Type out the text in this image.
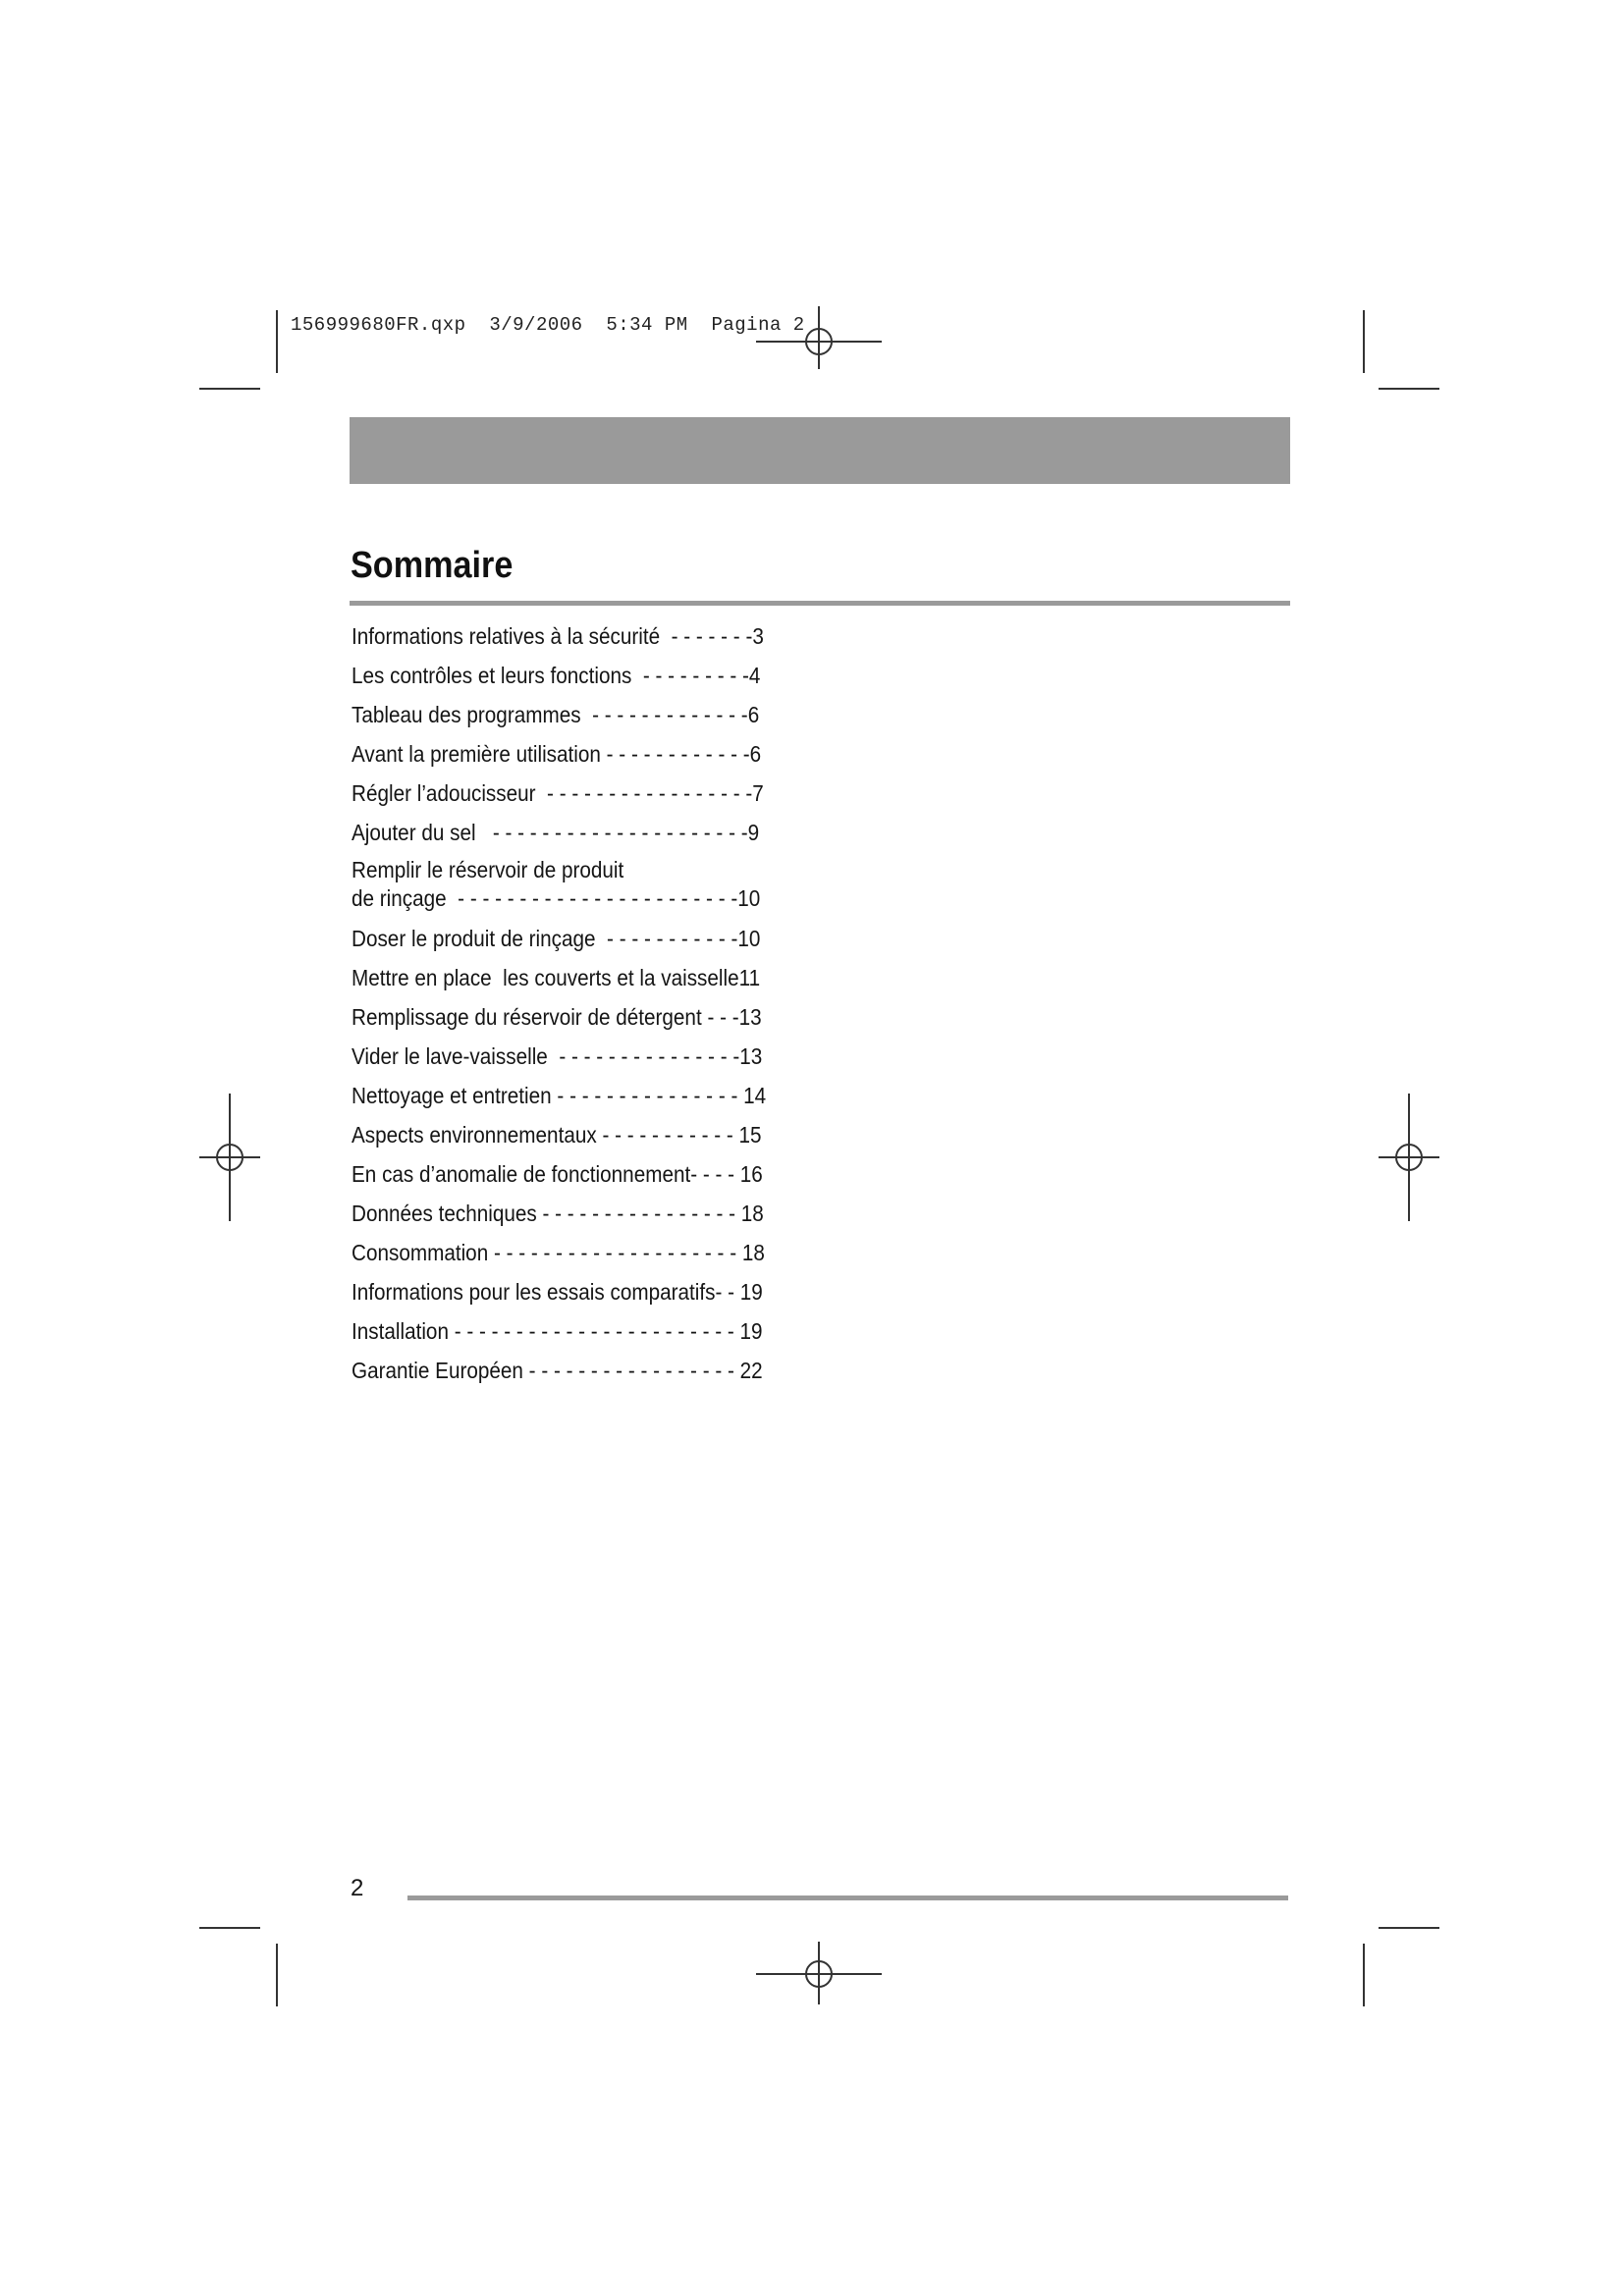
156999680FR.qxp  3/9/2006  5:34 PM  Pagina 2
Sommaire
Informations relatives à la sécurité  - - - - - - -3
Les contrôles et leurs fonctions  - - - - - - - - -4
Tableau des programmes  - - - - - - - - - - - - -6
Avant la première utilisation - - - - - - - - - - - -6
Régler l’adoucisseur  - - - - - - - - - - - - - - - - -7
Ajouter du sel   - - - - - - - - - - - - - - - - - - - - -9
Remplir le réservoir de produit
de rinçage  - - - - - - - - - - - - - - - - - - - - - - -10
Doser le produit de rinçage  - - - - - - - - - - -10
Mettre en place  les couverts et la vaisselle11
Remplissage du réservoir de détergent - - -13
Vider le lave-vaisselle  - - - - - - - - - - - - - - -13
Nettoyage et entretien - - - - - - - - - - - - - - - 14
Aspects environnementaux - - - - - - - - - - - 15
En cas d’anomalie de fonctionnement- - - - 16
Données techniques - - - - - - - - - - - - - - - - 18
Consommation - - - - - - - - - - - - - - - - - - - - 18
Informations pour les essais comparatifs- - 19
Installation - - - - - - - - - - - - - - - - - - - - - - - 19
Garantie Européen - - - - - - - - - - - - - - - - - 22
2
